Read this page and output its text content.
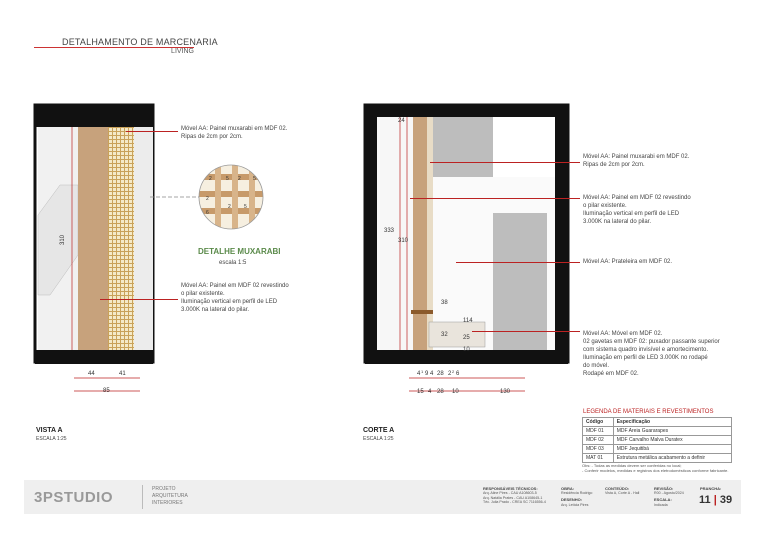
DETALHAMENTO DE MARCENARIA
LIVING
310
44	41
85
Móvel AA: Painel muxarabi em MDF 02.
Ripas de 2cm por 2cm.
Móvel AA: Painel em MDF 02 revestindo
o pilar existente.
Iluminação vertical em perfil de LED
3.000K na lateral do pilar.
VISTA A
ESCALA 1:25
2	5 2 5
5
2
2
6
DETALHE MUXARABI
escala 1:5
24
333
310
38
114
32	25
10
4 1 9 4 28 2 2 6
15 4 28 10	130
Móvel AA: Painel muxarabi em MDF 02.
Ripas de 2cm por 2cm.
Móvel AA: Painel em MDF 02 revestindo
o pilar existente.
Iluminação vertical em perfil de LED
3.000K na lateral do pilar.
Móvel AA: Prateleira em MDF 02.
Móvel AA: Móvel em MDF 02.
02 gavetas em MDF 02: puxador passante superior
com sistema quadro invisível e amortecimento.
Iluminação em perfil de LED 3.000K no rodapé
do móvel.
Rodapé em MDF 02.
CORTE A
ESCALA 1:25
LEGENDA DE MATERIAIS E REVESTIMENTOS
Código	Especificação
MDF 01	MDF Areia Guararapes
MDF 02	MDF Carvalho Malva Duratex
MDF 03	MDF Jequitibá
MAT 01	Estrutura metálica acabamento a definir
Obs: - Todas as medidas devem ser conferidas no local;
- Conferir modelos, medidas e registros dos eletrodomésticos conforme fabricante.
3PSTUDIO	PROJETO
ARQUITETURA
INTERIORES
RESPONSÁVEIS TÉCNICOS:
Arq. Aline Pires - CAU A108603-5
Arq. Natália Prates - CAU A108645-1
Téc. Julia Prado - CREA SC 7116556-4
OBRA:
Residência Rodrigo
DESENHO:
Arq. Letícia Pires
CONTEÚDO:
Vista A, Corte A - Hall
REVISÃO:
R00 - Agosto/2024
ESCALA:
Indicada
PRANCHA:
11 | 39
